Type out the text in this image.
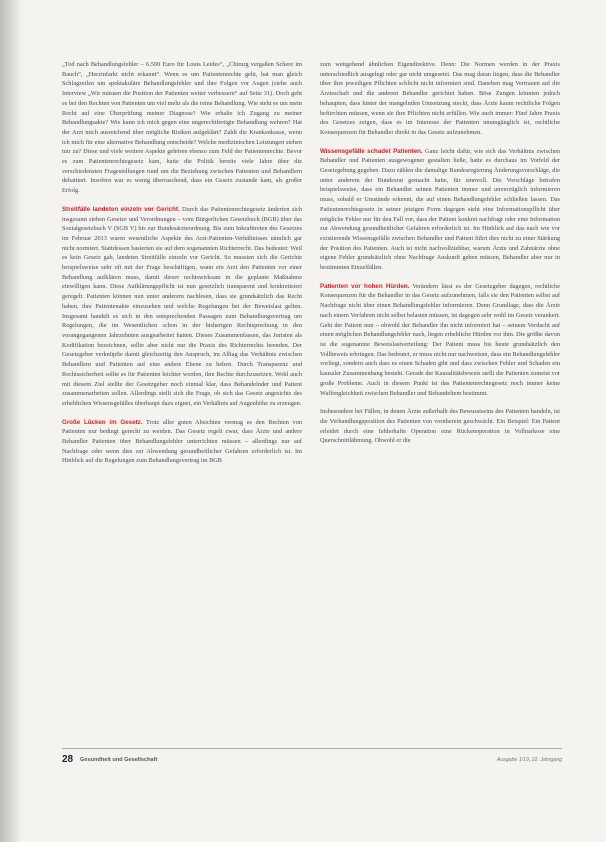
„Tod nach Behandlungsfehler – 6.500 Euro für Louis Leides“, „Chirurg vergaßen Schere im Bauch“, „Herzinfarkt nicht erkannt“. Wenn es um Patientenrechte geht, hat man gleich Schlagzeilen um spektakuläre Behandlungsfehler und ihre Folgen vor Augen (siehe auch Interview „Wir müssen die Position der Patienten weiter verbessern“ auf Seite 31). Doch geht es bei den Rechten von Patienten um viel mehr als die reine Behandlung. Wie steht es um mein Recht auf eine Überprüfung meiner Diagnose? Wie erhalte ich Zugang zu meiner Behandlungsakte? Wie kann ich mich gegen eine ungerechtfertigte Behandlung wehren? Hat der Arzt mich ausreichend über mögliche Risiken aufgeklärt? Zahlt die Krankenkasse, wenn ich mich für eine alternative Behandlung entscheide? Welche medizinischen Leistungen stehen mir zu? Diese und viele weitere Aspekte gehören ebenso zum Feld der Patientenrechte. Bevor es zum Patientenrechtegesetz kam, hatte die Politik bereits viele Jahre über die verschiedensten Fragestellungen rund um die Beziehung zwischen Patienten und Behandlern debattiert. Insofern war es wenig überraschend, dass ein Gesetz zustande kam, als großer Erfolg.

Streitfälle landeten einzeln vor Gericht. Durch das Patientenrechtegesetz änderten sich insgesamt sieben Gesetze und Verordnungen – vom Bürgerlichen Gesetzbuch (BGB) über das Sozialgesetzbuch V (SGB V) bis zur Bundesärzteordnung. Bis zum Inkrafttreten des Gesetzes im Februar 2013 waren wesentliche Aspekte des Arzt-Patienten-Verhältnisses nämlich gar nicht normiert. Stattdessen basierten sie auf dem sogenannten Richterrecht. Das bedeutet: Weil es kein Gesetz gab, landeten Streitfälle einzeln vor Gericht. So mussten sich die Gerichte beispielsweise sehr oft mit der Frage beschäftigen, wann ein Arzt den Patienten vor einer Behandlung aufklären muss, damit dieser rechtswirksam in die geplante Maßnahme einwilligen kann. Diese Aufklärungspflicht ist nun gesetzlich transparent und konkretisiert geregelt. Patienten können nun unter anderem nachlesen, dass sie grundsätzlich das Recht haben, ihre Patientenakte einzusehen und welche Regelungen bei der Beweislast gelten. Insgesamt handelt es sich in den entsprechenden Passagen zum Behandlungsvertrag um Regelungen, die im Wesentlichen schon in der bisherigen Rechtsprechung in den vorangegangenen Jahrzehnten ausgearbeitet hatten. Dieses Zusammenfassen, das Juristen als Kodifikation bezeichnen, sollte aber nicht nur die Praxis des Richterrechts beenden. Der Gesetzgeber verknüpfte damit gleichzeitig den Anspruch, im Alltag das Verhältnis zwischen Behandlern und Patienten auf eine andere Ebene zu heben. Durch Transparenz und Rechtssicherheit sollte es für Patienten leichter werden, ihre Rechte durchzusetzen. Wohl auch mit diesem Ziel stellte der Gesetzgeber noch einmal klar, dass Behandelnder und Patient zusammenarbeiten sollen. Allerdings stellt sich die Frage, ob sich das Gesetz angesichts des erheblichen Wissensgefälles überhaupt dazu eignet, ein Verhältnis auf Augenhöhe zu erzeugen.

Große Lücken im Gesetz. Trotz aller guten Absichten vermag es den Rechten von Patienten nur bedingt gerecht zu werden. Das Gesetz regelt zwar, dass Ärzte und andere Behandler Patienten über Behandlungsfehler unterrichten müssen – allerdings nur auf Nachfrage oder wenn dies zur Abwendung gesundheitlicher Gefahren erforderlich ist. Im Hinblick auf die Regelungen zum Behandlungsvertrag im BGB

zum weitgehend ähnlichen Eigendirektive. Denn: Die Normen werden in der Praxis unterschiedlich ausgelegt oder gar nicht umgesetzt. Das mag daran liegen, dass die Behandler über ihre jeweiligen Pflichten schlicht nicht informiert sind. Daneben mag Vertrauen auf die Ärzteschaft und die anderen Behandler gerichtet haben. Böse Zungen könnten jedoch behaupten, dass hinter der mangelnden Umsetzung steckt, dass Ärzte kaum rechtliche Folgen befürchten müssen, wenn sie ihre Pflichten nicht erfüllen. Wie auch immer: Fünf Jahre Praxis des Gesetzes zeigen, dass es im Interesse der Patienten unumgänglich ist, rechtliche Konsequenzen für Behandler direkt in das Gesetz aufzunehmen.

Wissensgefälle schadet Patienten. Ganz leicht dafür, wie sich das Verhältnis zwischen Behandler und Patienten ausgewogener gestalten ließe, hatte es durchaus im Vorfeld der Gesetzgebung gegeben. Dazu zählen die damalige Bundesregierung Änderungsvorschläge, die unter anderem der Bundesrat gemacht hatte, für sinnvoll. Die Vorschläge betrafen beispielsweise, dass ein Behandler seinen Patienten immer und unverzüglich informieren muss, sobald er Umstände erkennt, die auf einen Behandlungsfehler schließen lassen. Das Patientenrechtegesetz in seiner jetzigen Form dagegen sieht eine Informationspflicht über mögliche Fehler nur für den Fall vor, dass der Patient konkret nachfragt oder eine Information zur Abwendung gesundheitlicher Gefahren erforderlich ist. Im Hinblick auf das nach wie vor existierende Wissensgefälle zwischen Behandler und Patient führt dies nicht zu einer Stärkung der Position des Patienten. Auch ist nicht nachvollziehbar, warum Ärzte und Zahnärzte ohne eigene Fehler grundsätzlich ohne Nachfrage Auskunft geben müssen, Behandler aber nur in bestimmten Einzelfällen.

Patienten vor hohen Hürden. Verändern lässt es der Gesetzgeber dagegen, rechtliche Konsequenzen für die Behandler in das Gesetz aufzunehmen, falls sie den Patienten selbst auf Nachfrage nicht über einen Behandlungsfehler informieren. Denn Grundlage, dass die Ärzte nach einem Verfahren nicht selbst belasten müssen, ist dagegen sehr wohl im Gesetz verankert. Geht der Patient nun – obwohl der Behandler ihn nicht informiert hat – seinem Verdacht auf einen möglichen Behandlungsfehler nach, liegen erhebliche Hürden vor ihm. Die größte davon ist die sogenannte Beweislastverteilung: Der Patient muss bis heute grundsätzlich den Vollbeweis erbringen. Das bedeutet, er muss nicht nur nachweisen, dass ein Behandlungsfehler vorliegt, sondern auch dass es einen Schaden gibt und dass zwischen Fehler und Schaden ein kausaler Zusammenhang besteht. Gerade der Kausalitätsbeweis stellt die Patienten zumeist vor große Probleme. Auch in diesem Punkt ist das Patientenrechtegesetz noch immer keine Waffengleichheit zwischen Behandler und Behandeltem bestimmt.

Insbesondere bei Fällen, in denen Ärzte außerhalb des Bewusstseins des Patienten handeln, ist die Verhandlungsposition des Patienten von vornherein geschwächt. Ein Beispiel: Ein Patient erleidet durch eine fehlerhafte Operation eine Rückenoperation in Vollnarkose eine Querschnittlähmung. Obwohl er die

28 Gesundheit und Gesellschaft	Ausgabe 1/19, 22. Jahrgang
